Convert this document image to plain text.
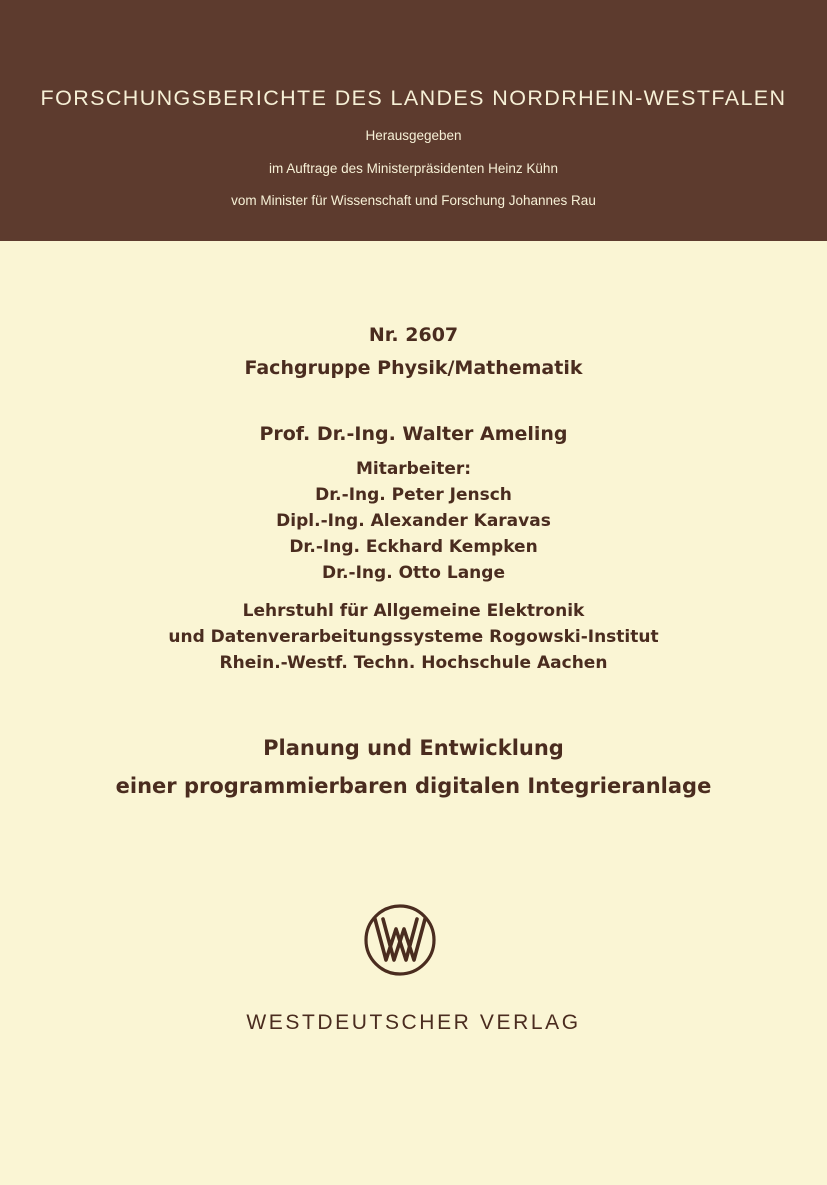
FORSCHUNGSBERICHTE DES LANDES NORDRHEIN-WESTFALEN
Herausgegeben
im Auftrage des Ministerpräsidenten Heinz Kühn
vom Minister für Wissenschaft und Forschung Johannes Rau
Nr. 2607
Fachgruppe Physik/Mathematik
Prof. Dr.-Ing. Walter Ameling
Mitarbeiter:
Dr.-Ing. Peter Jensch
Dipl.-Ing. Alexander Karavas
Dr.-Ing. Eckhard Kempken
Dr.-Ing. Otto Lange
Lehrstuhl für Allgemeine Elektronik
und Datenverarbeitungssysteme Rogowski-Institut
Rhein.-Westf. Techn. Hochschule Aachen
Planung und Entwicklung
einer programmierbaren digitalen Integrieranlage
WESTDEUTSCHER VERLAG
